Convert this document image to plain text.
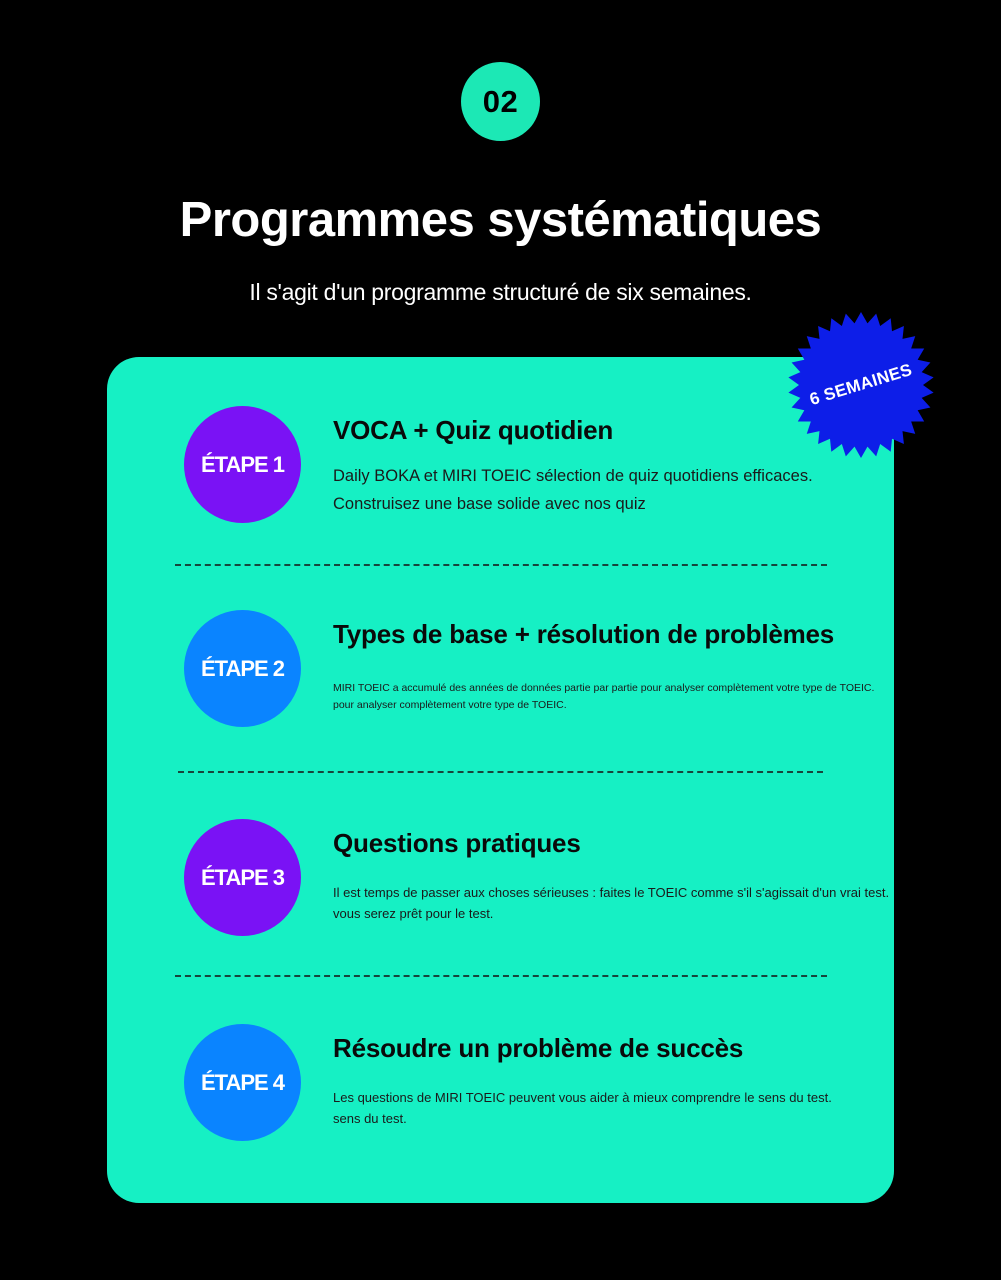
02
Programmes systématiques
Il s'agit d'un programme structuré de six semaines.
ÉTAPE 1
VOCA + Quiz quotidien
Daily BOKA et MIRI TOEIC sélection de quiz quotidiens efficaces.
Construisez une base solide avec nos quiz
ÉTAPE 2
Types de base + résolution de problèmes
MIRI TOEIC a accumulé des années de données partie par partie pour analyser complètement votre type de TOEIC.
pour analyser complètement votre type de TOEIC.
ÉTAPE 3
Questions pratiques
Il est temps de passer aux choses sérieuses : faites le TOEIC comme s'il s'agissait d'un vrai test.
vous serez prêt pour le test.
ÉTAPE 4
Résoudre un problème de succès
Les questions de MIRI TOEIC peuvent vous aider à mieux comprendre le sens du test.
sens du test.
6 SEMAINES
